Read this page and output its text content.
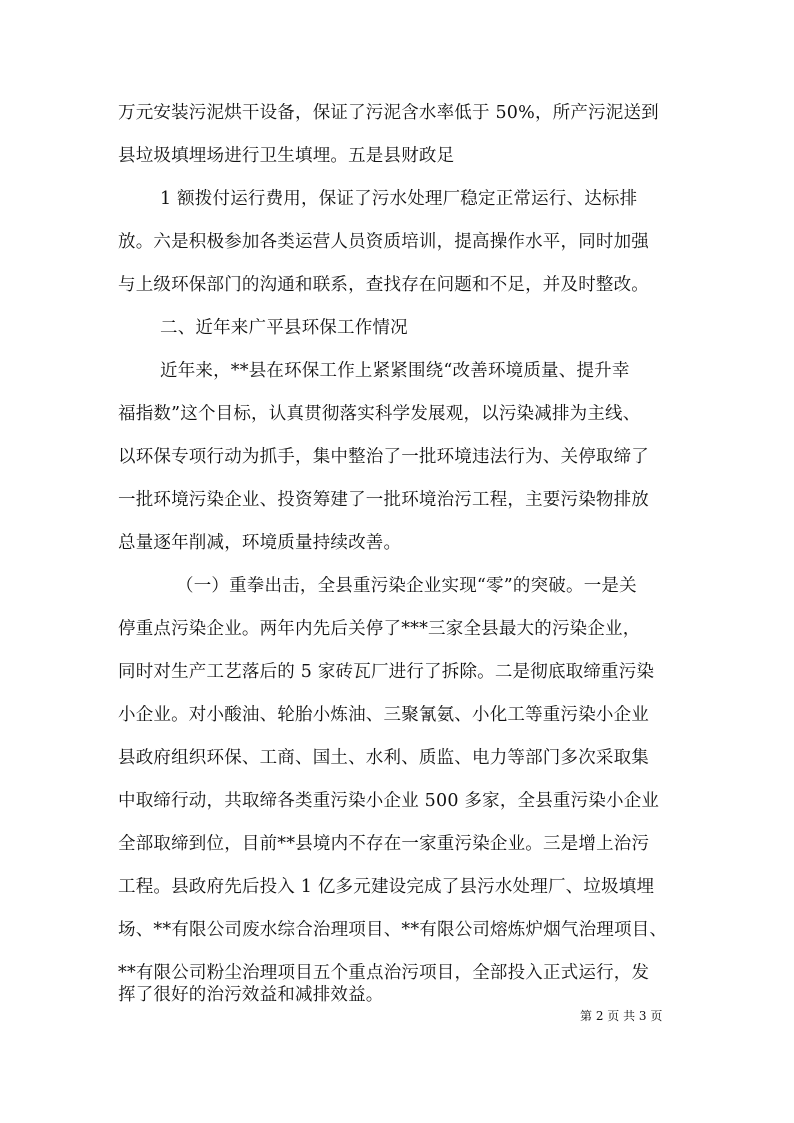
万元安装污泥烘干设备，保证了污泥含水率低于 50%，所产污泥送到
县垃圾填埋场进行卫生填埋。五是县财政足
1 额拨付运行费用，保证了污水处理厂稳定正常运行、达标排
放。六是积极参加各类运营人员资质培训，提高操作水平，同时加强
与上级环保部门的沟通和联系，查找存在问题和不足，并及时整改。
二、近年来广平县环保工作情况
近年来，**县在环保工作上紧紧围绕“改善环境质量、提升幸
福指数”这个目标，认真贯彻落实科学发展观，以污染减排为主线、
以环保专项行动为抓手，集中整治了一批环境违法行为、关停取缔了
一批环境污染企业、投资筹建了一批环境治污工程，主要污染物排放
总量逐年削减，环境质量持续改善。
（一）重拳出击，全县重污染企业实现“零”的突破。一是关
停重点污染企业。两年内先后关停了***三家全县最大的污染企业，
同时对生产工艺落后的 5 家砖瓦厂进行了拆除。二是彻底取缔重污染
小企业。对小酸油、轮胎小炼油、三聚氰氨、小化工等重污染小企业
县政府组织环保、工商、国土、水利、质监、电力等部门多次采取集
中取缔行动，共取缔各类重污染小企业 500 多家，全县重污染小企业
全部取缔到位，目前**县境内不存在一家重污染企业。三是增上治污
工程。县政府先后投入 1 亿多元建设完成了县污水处理厂、垃圾填埋
场、**有限公司废水综合治理项目、**有限公司熔炼炉烟气治理项目、
**有限公司粉尘治理项目五个重点治污项目，全部投入正式运行，发
挥了很好的治污效益和减排效益。
第 2 页 共 3 页
